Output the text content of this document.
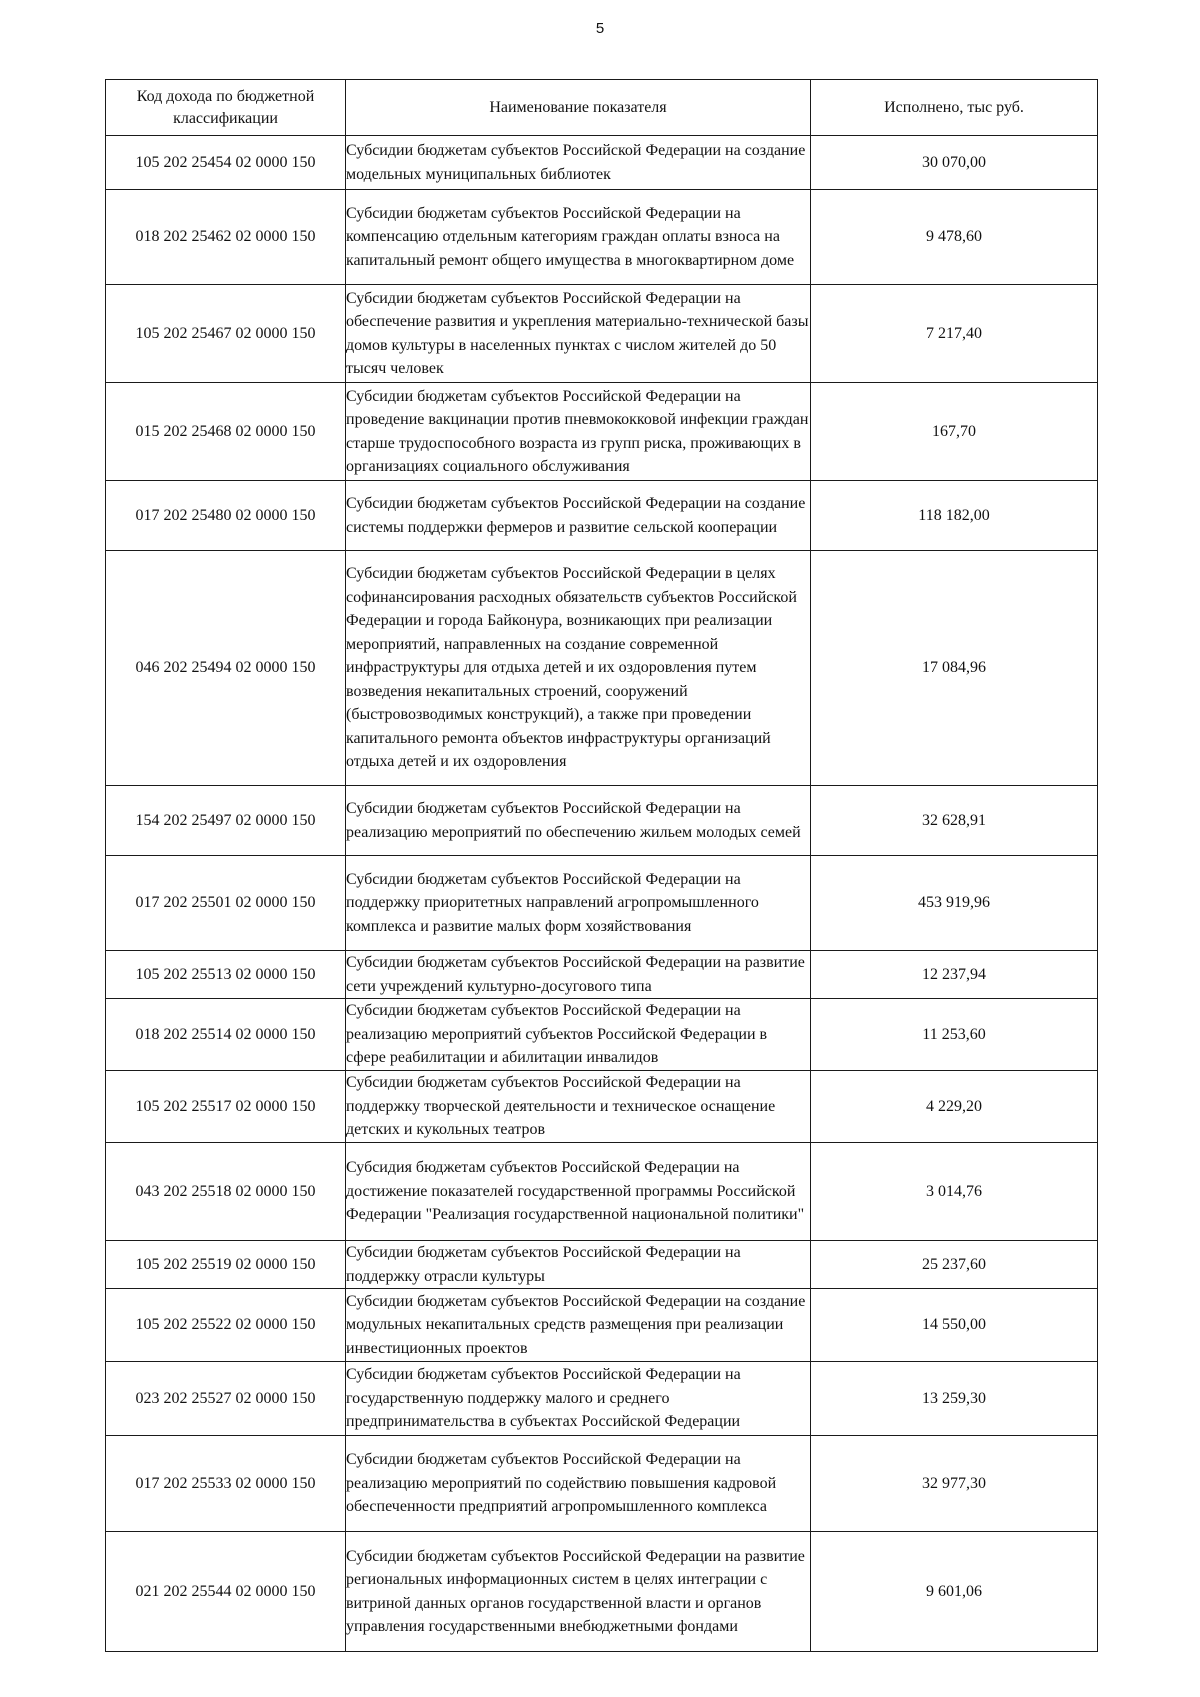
5
Код дохода по бюджетной классификации	Наименование показателя	Исполнено, тыс руб.
105 202 25454 02 0000 150	Субсидии бюджетам субъектов Российской Федерации на создание модельных муниципальных библиотек	30 070,00
018 202 25462 02 0000 150	Субсидии бюджетам субъектов Российской Федерации на компенсацию отдельным категориям граждан оплаты взноса на капитальный ремонт общего имущества в многоквартирном доме	9 478,60
105 202 25467 02 0000 150	Субсидии бюджетам субъектов Российской Федерации на обеспечение развития и укрепления материально-технической базы домов культуры в населенных пунктах с числом жителей до 50 тысяч человек	7 217,40
015 202 25468 02 0000 150	Субсидии бюджетам субъектов Российской Федерации на проведение вакцинации против пневмококковой инфекции граждан старше трудоспособного возраста из групп риска, проживающих в организациях социального обслуживания	167,70
017 202 25480 02 0000 150	Субсидии бюджетам субъектов Российской Федерации на создание системы поддержки фермеров и развитие сельской кооперации	118 182,00
046 202 25494 02 0000 150	Субсидии бюджетам субъектов Российской Федерации в целях софинансирования расходных обязательств субъектов Российской Федерации и города Байконура, возникающих при реализации мероприятий, направленных на создание современной инфраструктуры для отдыха детей и их оздоровления путем возведения некапитальных строений, сооружений (быстровозводимых конструкций), а также при проведении капитального ремонта объектов инфраструктуры организаций отдыха детей и их оздоровления	17 084,96
154 202 25497 02 0000 150	Субсидии бюджетам субъектов Российской Федерации на реализацию мероприятий по обеспечению жильем молодых семей	32 628,91
017 202 25501 02 0000 150	Субсидии бюджетам субъектов Российской Федерации на поддержку приоритетных направлений агропромышленного комплекса и развитие малых форм хозяйствования	453 919,96
105 202 25513 02 0000 150	Субсидии бюджетам субъектов Российской Федерации на развитие сети учреждений культурно-досугового типа	12 237,94
018 202 25514 02 0000 150	Субсидии бюджетам субъектов Российской Федерации на реализацию мероприятий субъектов Российской Федерации в сфере реабилитации и абилитации инвалидов	11 253,60
105 202 25517 02 0000 150	Субсидии бюджетам субъектов Российской Федерации на поддержку творческой деятельности и техническое оснащение детских и кукольных театров	4 229,20
043 202 25518 02 0000 150	Субсидия бюджетам субъектов Российской Федерации на достижение показателей государственной программы Российской Федерации "Реализация государственной национальной политики"	3 014,76
105 202 25519 02 0000 150	Субсидии бюджетам субъектов Российской Федерации на поддержку отрасли культуры	25 237,60
105 202 25522 02 0000 150	Субсидии бюджетам субъектов Российской Федерации на создание модульных некапитальных средств размещения при реализации инвестиционных проектов	14 550,00
023 202 25527 02 0000 150	Субсидии бюджетам субъектов Российской Федерации на государственную поддержку малого и среднего предпринимательства в субъектах Российской Федерации	13 259,30
017 202 25533 02 0000 150	Субсидии бюджетам субъектов Российской Федерации на реализацию мероприятий по содействию повышения кадровой обеспеченности предприятий агропромышленного комплекса	32 977,30
021 202 25544 02 0000 150	Субсидии бюджетам субъектов Российской Федерации на развитие региональных информационных систем в целях интеграции с витриной данных органов государственной власти и органов управления государственными внебюджетными фондами	9 601,06
